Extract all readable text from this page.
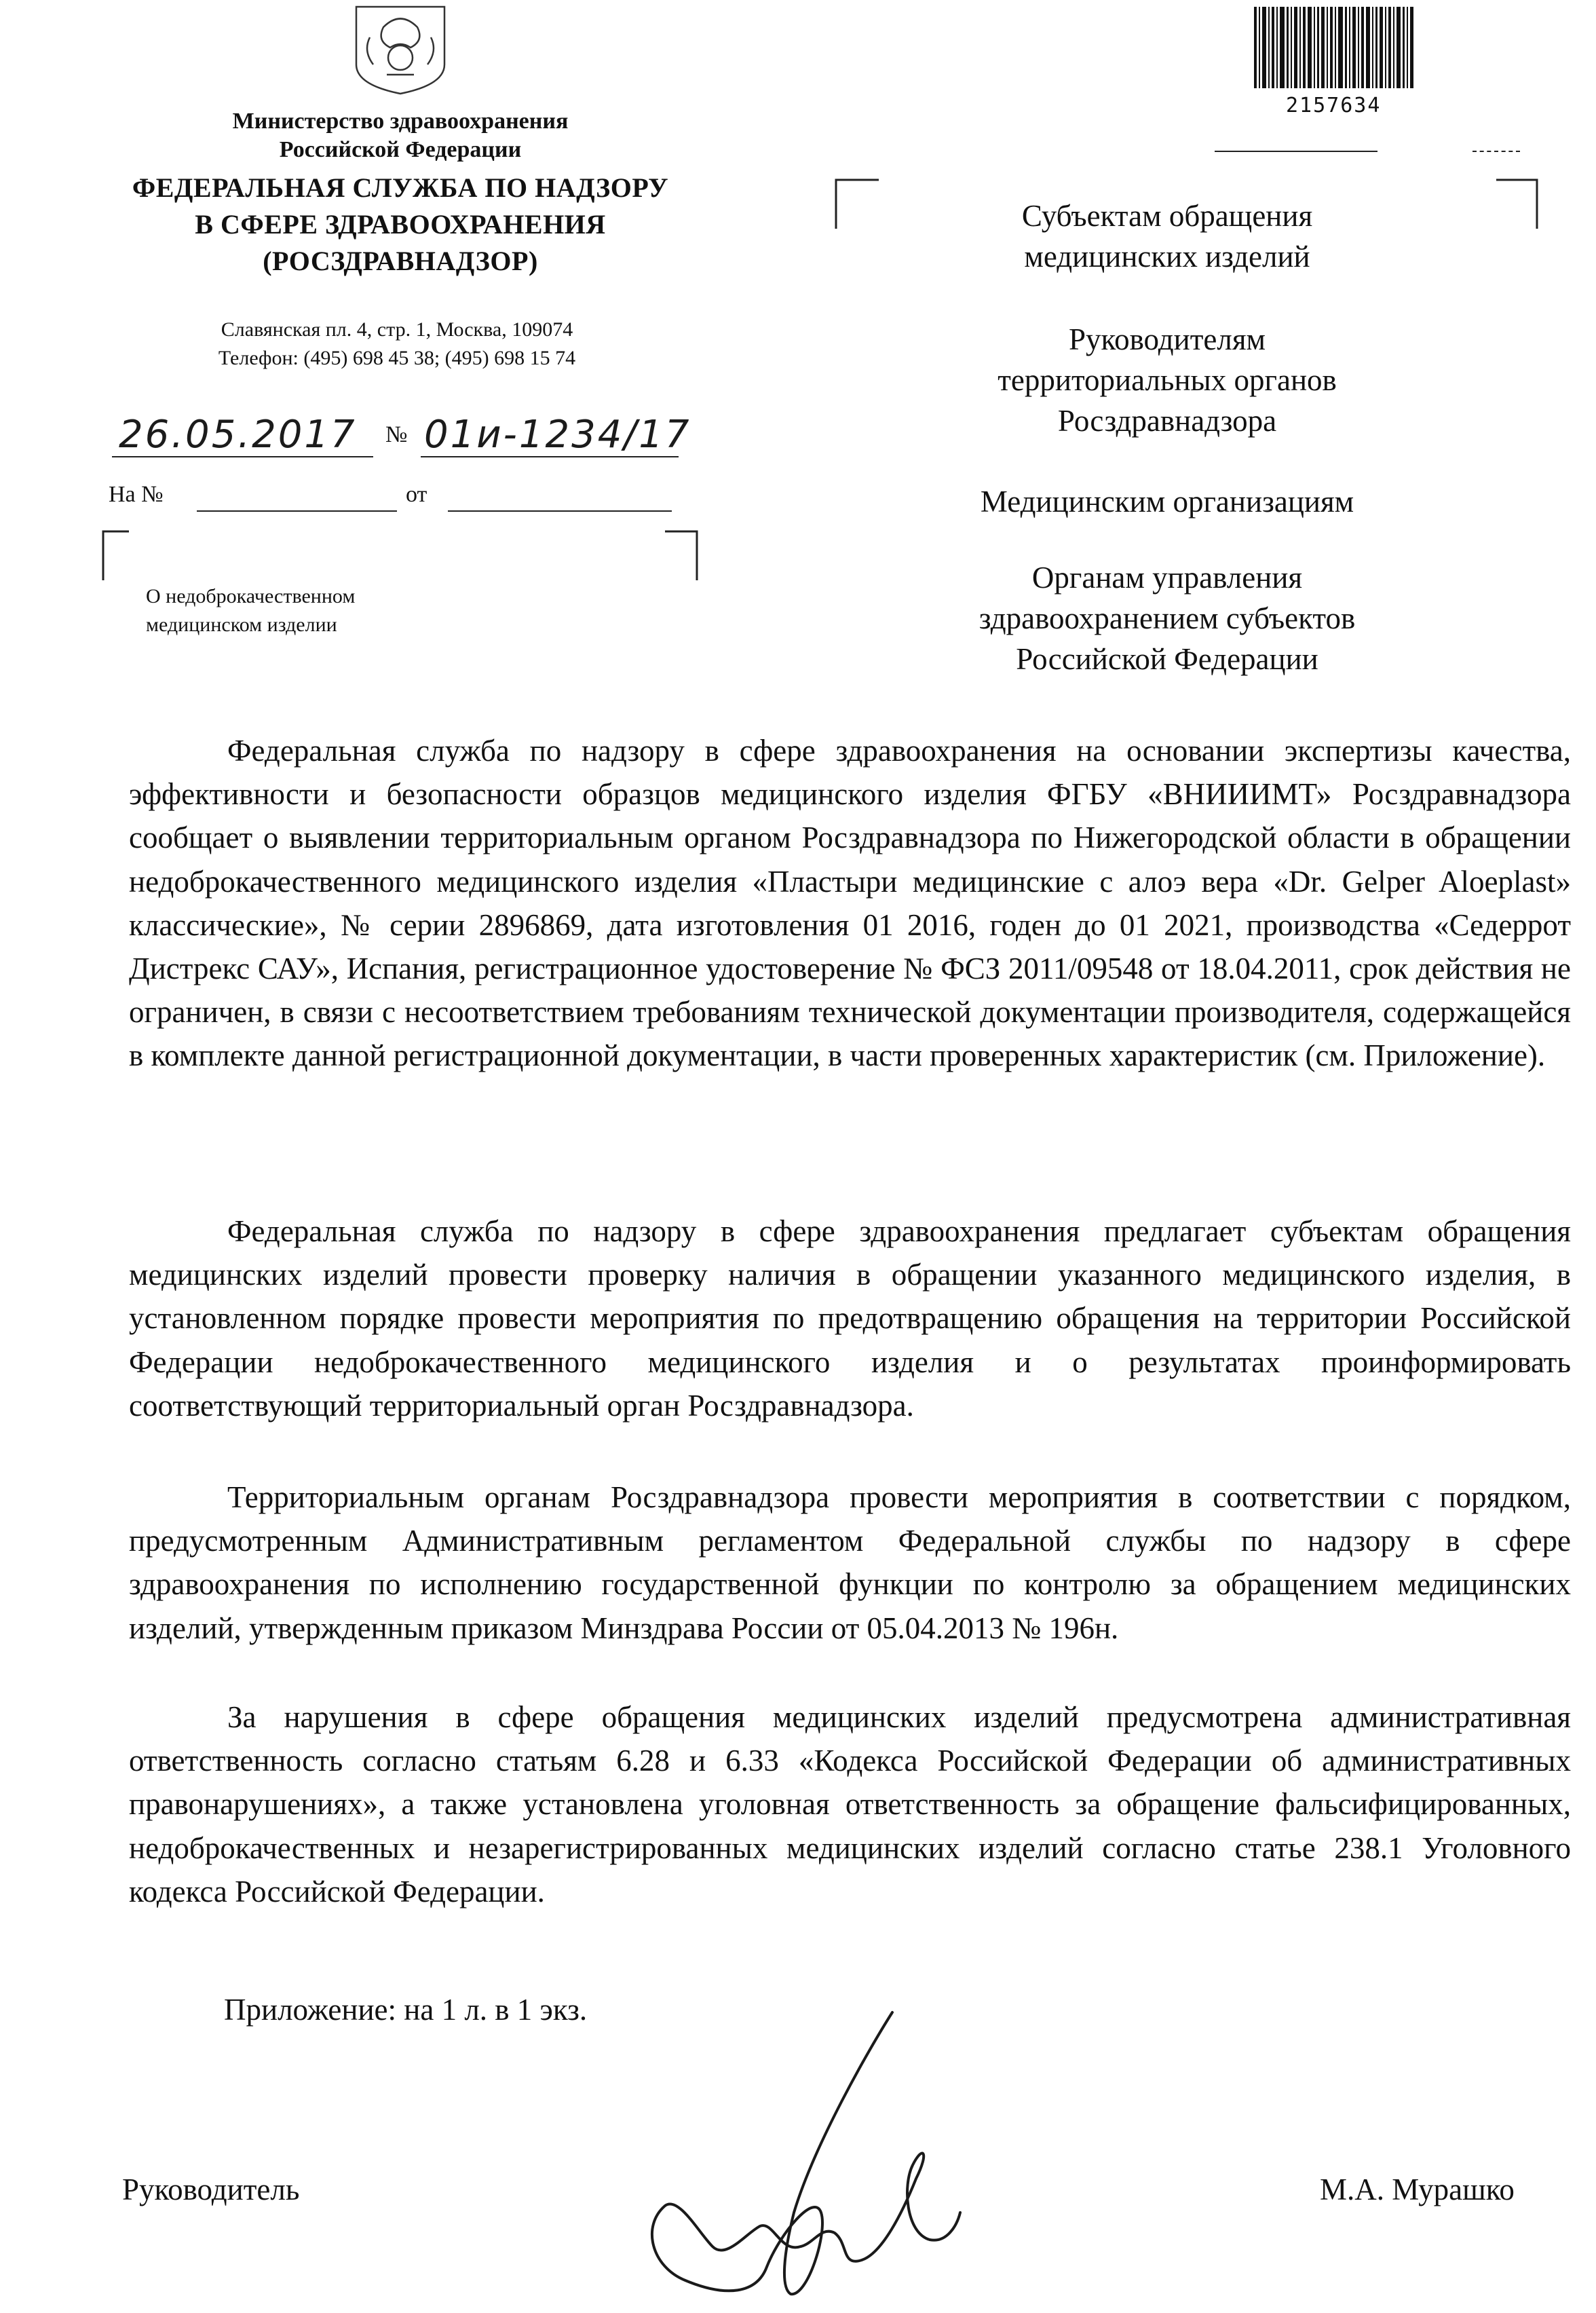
Министерство здравоохранения
Российской Федерации
ФЕДЕРАЛЬНАЯ СЛУЖБА ПО НАДЗОРУ
В СФЕРЕ ЗДРАВООХРАНЕНИЯ
(РОСЗДРАВНАДЗОР)
Славянская пл. 4, стр. 1, Москва, 109074
Телефон: (495) 698 45 38; (495) 698 15 74
26.05.2017 № 01и-1234/17
На №	от
О недоброкачественном
медицинском изделии
2157634
Субъектам обращения
медицинских изделий
Руководителям
территориальных органов
Росздравнадзора
Медицинским организациям
Органам управления
здравоохранением субъектов
Российской Федерации
Федеральная служба по надзору в сфере здравоохранения на основании экспертизы качества, эффективности и безопасности образцов медицинского изделия ФГБУ «ВНИИИМТ» Росздравнадзора сообщает о выявлении территориальным органом Росздравнадзора по Нижегородской области в обращении недоброкачественного медицинского изделия «Пластыри медицинские с алоэ вера «Dr. Gelper Aloeplast» классические», № серии 2896869, дата изготовления 01 2016, годен до 01 2021, производства «Седеррот Дистрекс САУ», Испания, регистрационное удостоверение № ФСЗ 2011/09548 от 18.04.2011, срок действия не ограничен, в связи с несоответствием требованиям технической документации производителя, содержащейся в комплекте данной регистрационной документации, в части проверенных характеристик (см. Приложение).
Федеральная служба по надзору в сфере здравоохранения предлагает субъектам обращения медицинских изделий провести проверку наличия в обращении указанного медицинского изделия, в установленном порядке провести мероприятия по предотвращению обращения на территории Российской Федерации недоброкачественного медицинского изделия и о результатах проинформировать соответствующий территориальный орган Росздравнадзора.
Территориальным органам Росздравнадзора провести мероприятия в соответствии с порядком, предусмотренным Административным регламентом Федеральной службы по надзору в сфере здравоохранения по исполнению государственной функции по контролю за обращением медицинских изделий, утвержденным приказом Минздрава России от 05.04.2013 № 196н.
За нарушения в сфере обращения медицинских изделий предусмотрена административная ответственность согласно статьям 6.28 и 6.33 «Кодекса Российской Федерации об административных правонарушениях», а также установлена уголовная ответственность за обращение фальсифицированных, недоброкачественных и незарегистрированных медицинских изделий согласно статье 238.1 Уголовного кодекса Российской Федерации.
Приложение: на 1 л. в 1 экз.
Руководитель	М.А. Мурашко
